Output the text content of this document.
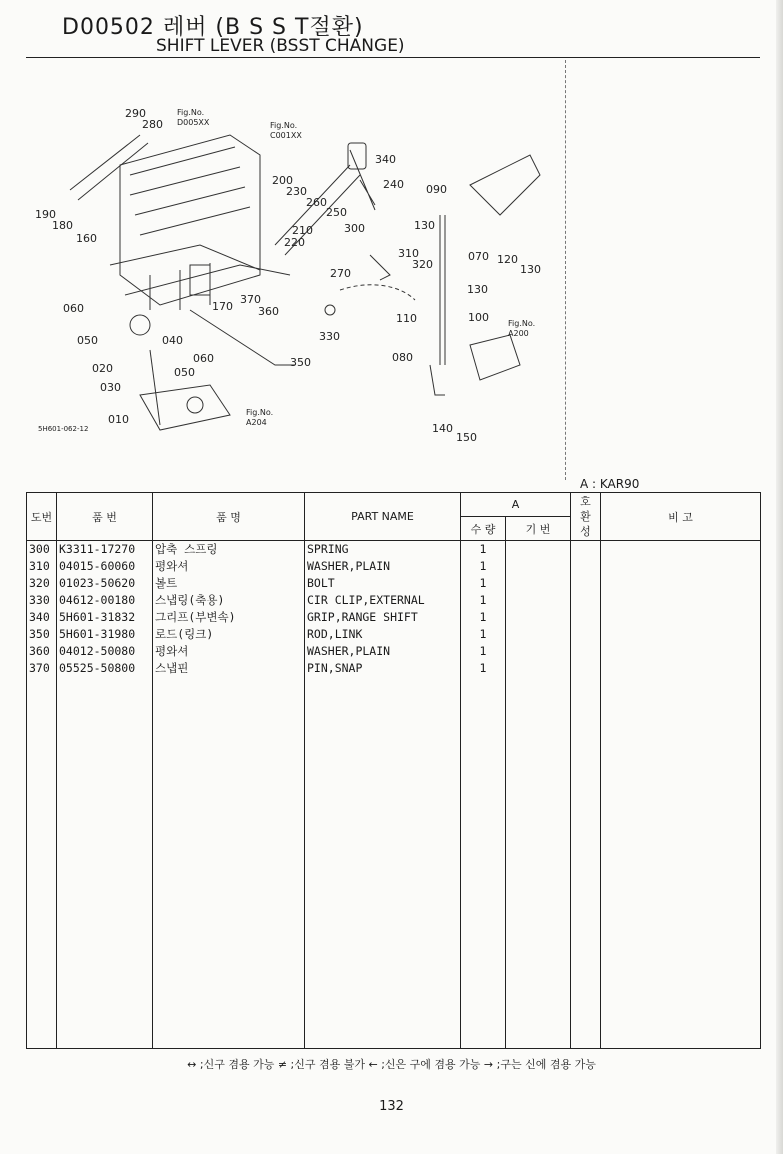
D00502 레버 (B S S T절환)
SHIFT LEVER (BSST CHANGE)
290
280
190
180
160
200
230
260
250
220
210	300
340
240 090
130
070 120
130
310
320
270
130
100
110
080
370
360
170
060
050	040	330
350
020
030
060
050
010
140
150
Fig.No.
D005XX	Fig.No.
C001XX
Fig.No.
A200
Fig.No.
A204
5H601-062-12
A : KAR90
도번	품 번	품 명	PART NAME	A		호
환
성	비 고
				수 량	기 번		
300	K3311-17270	압축 스프링	SPRING	1			
310	04015-60060	평와셔	WASHER,PLAIN	1			
320	01023-50620	볼트	BOLT	1			
330	04612-00180	스냅링(축용)	CIR CLIP,EXTERNAL	1			
340	5H601-31832	그리프(부변속)	GRIP,RANGE SHIFT	1			
350	5H601-31980	로드(링크)	ROD,LINK	1			
360	04012-50080	평와셔	WASHER,PLAIN	1			
370	05525-50800	스냅핀	PIN,SNAP	1			

↔ ;신구 겸용 가능 ≠ ;신구 겸용 불가 ← ;신은 구에 겸용 가능 → ;구는 신에 겸용 가능
132
